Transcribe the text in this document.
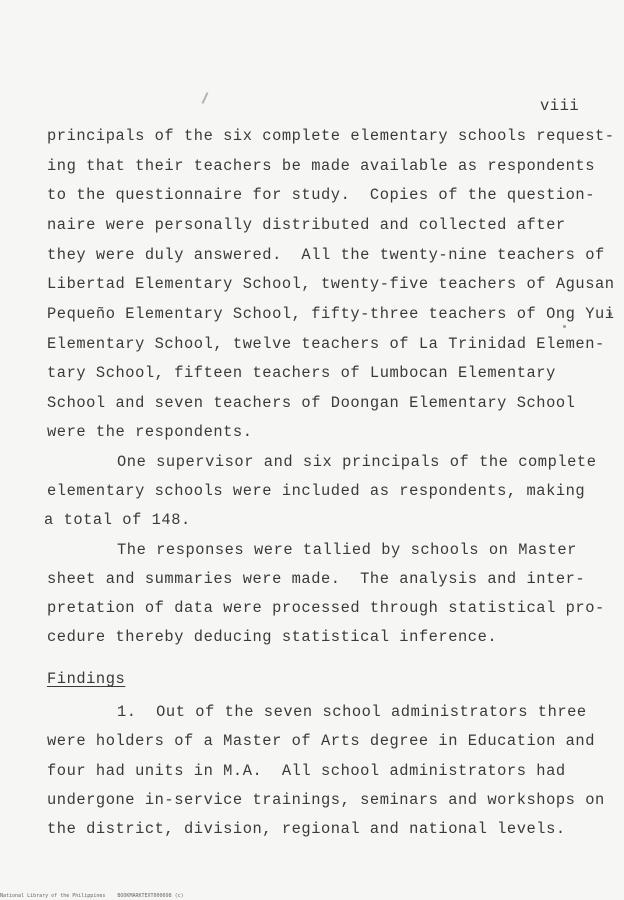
viii
principals of the six complete elementary schools request-
ing that their teachers be made available as respondents
to the questionnaire for study.  Copies of the question-
naire were personally distributed and collected after
they were duly answered.  All the twenty-nine teachers of
Libertad Elementary School, twenty-five teachers of Agusan
Pequeño Elementary School, fifty-three teachers of Ong Yui
Elementary School, twelve teachers of La Trinidad Elemen-
tary School, fifteen teachers of Lumbocan Elementary
School and seven teachers of Doongan Elementary School
were the respondents.
One supervisor and six principals of the complete
elementary schools were included as respondents, making
a total of 148.
The responses were tallied by schools on Master
sheet and summaries were made.  The analysis and inter-
pretation of data were processed through statistical pro-
cedure thereby deducing statistical inference.
Findings
1.  Out of the seven school administrators three
were holders of a Master of Arts degree in Education and
four had units in M.A.  All school administrators had
undergone in-service trainings, seminars and workshops on
the district, division, regional and national levels.
National Library of the Philippines    BOOKMARKTEXT000098 (c)
